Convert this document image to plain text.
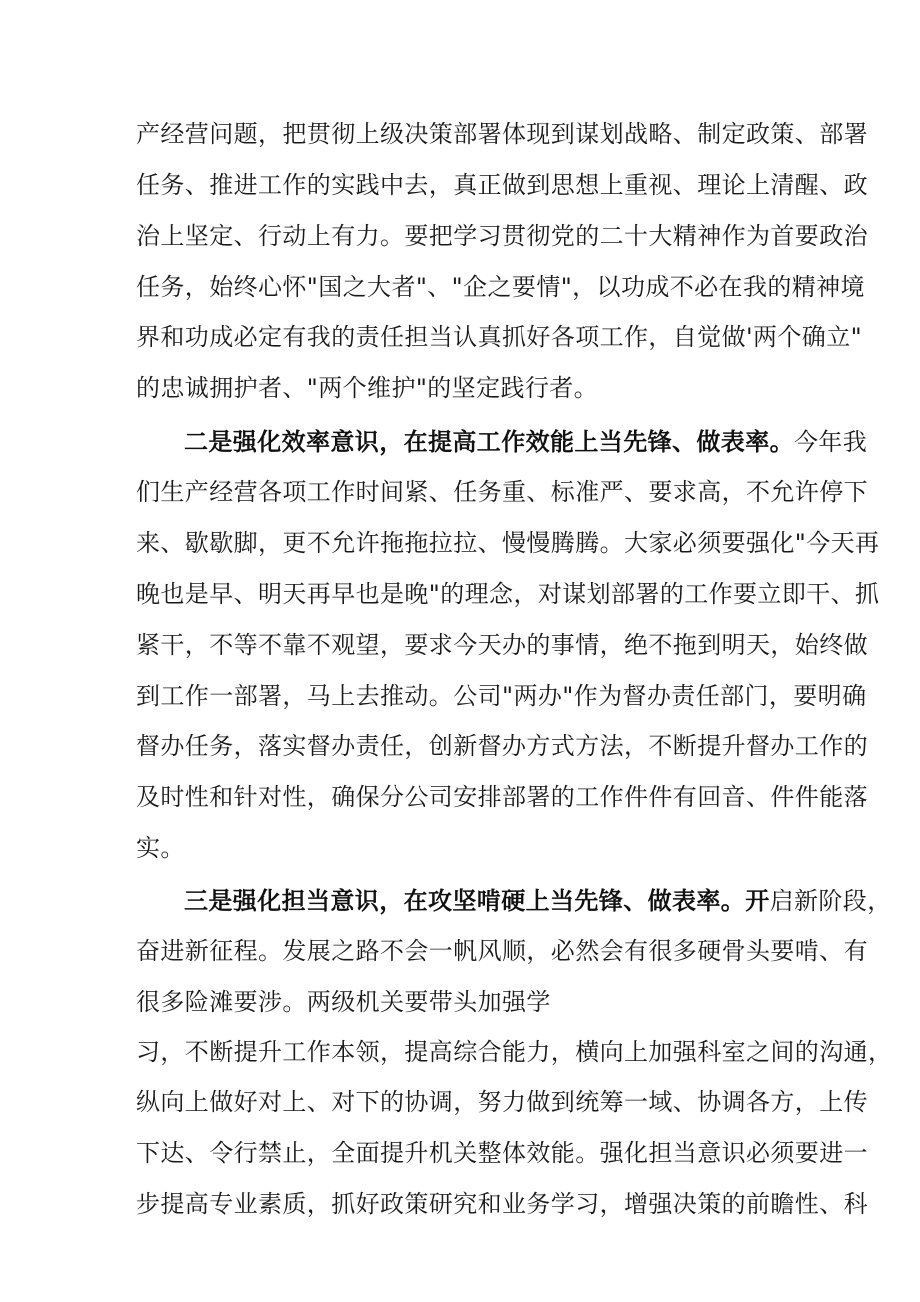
产经营问题，把贯彻上级决策部署体现到谋划战略、制定政策、部署
任务、推进工作的实践中去，真正做到思想上重视、理论上清醒、政
治上坚定、行动上有力。要把学习贯彻党的二十大精神作为首要政治
任务，始终心怀"国之大者"、"企之要情"，以功成不必在我的精神境
界和功成必定有我的责任担当认真抓好各项工作，自觉做'两个确立"
的忠诚拥护者、"两个维护"的坚定践行者。
二是强化效率意识，在提高工作效能上当先锋、做表率。今年我
们生产经营各项工作时间紧、任务重、标准严、要求高，不允许停下
来、歇歇脚，更不允许拖拖拉拉、慢慢腾腾。大家必须要强化"今天再
晚也是早、明天再早也是晚"的理念，对谋划部署的工作要立即干、抓
紧干，不等不靠不观望，要求今天办的事情，绝不拖到明天，始终做
到工作一部署，马上去推动。公司"两办"作为督办责任部门，要明确
督办任务，落实督办责任，创新督办方式方法，不断提升督办工作的
及时性和针对性，确保分公司安排部署的工作件件有回音、件件能落
实。
三是强化担当意识，在攻坚啃硬上当先锋、做表率。开启新阶段，
奋进新征程。发展之路不会一帆风顺，必然会有很多硬骨头要啃、有
很多险滩要涉。两级机关要带头加强学
习，不断提升工作本领，提高综合能力，横向上加强科室之间的沟通，
纵向上做好对上、对下的协调，努力做到统筹一域、协调各方，上传
下达、令行禁止，全面提升机关整体效能。强化担当意识必须要进一
步提高专业素质，抓好政策研究和业务学习，增强决策的前瞻性、科
